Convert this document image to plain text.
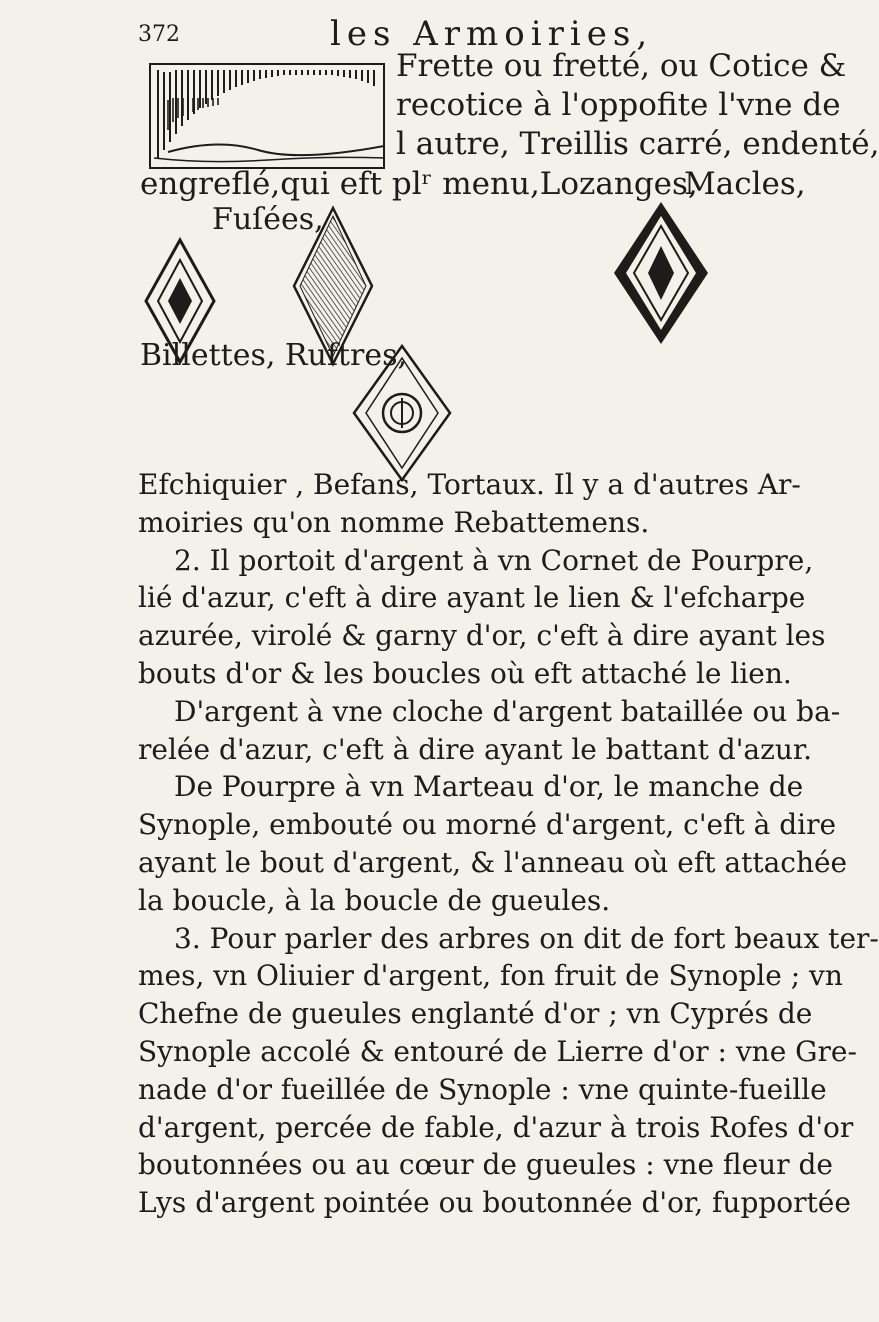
372	les Armoiries,
Frette ou fretté, ou Cotice &
recotice à l'oppofite l'vne de
l autre, Treillis carré, endenté,
engreflé,qui eft plʳ menu,Lozanges,
Macles,
Fuſées,
Billettes, Ruftres,
Efchiquier , Befans, Tortaux. Il y a d'autres Ar-
moiries qu'on nomme Rebattemens.
2. Il portoit d'argent à vn Cornet de Pourpre,
lié d'azur, c'eft à dire ayant le lien & l'efcharpe
azurée, virolé & garny d'or, c'eft à dire ayant les
bouts d'or & les boucles où eft attaché le lien.
D'argent à vne cloche d'argent bataillée ou ba-
relée d'azur, c'eft à dire ayant le battant d'azur.
De Pourpre à vn Marteau d'or, le manche de
Synople, embouté ou morné d'argent, c'eft à dire
ayant le bout d'argent, & l'anneau où eft attachée
la boucle, à la boucle de gueules.
3. Pour parler des arbres on dit de fort beaux ter-
mes, vn Oliuier d'argent, fon fruit de Synople ; vn
Chefne de gueules englanté d'or ; vn Cyprés de
Synople accolé & entouré de Lierre d'or : vne Gre-
nade d'or fueillée de Synople : vne quinte-fueille
d'argent, percée de fable, d'azur à trois Rofes d'or
boutonnées ou au cœur de gueules : vne fleur de
Lys d'argent pointée ou boutonnée d'or, fupportée
